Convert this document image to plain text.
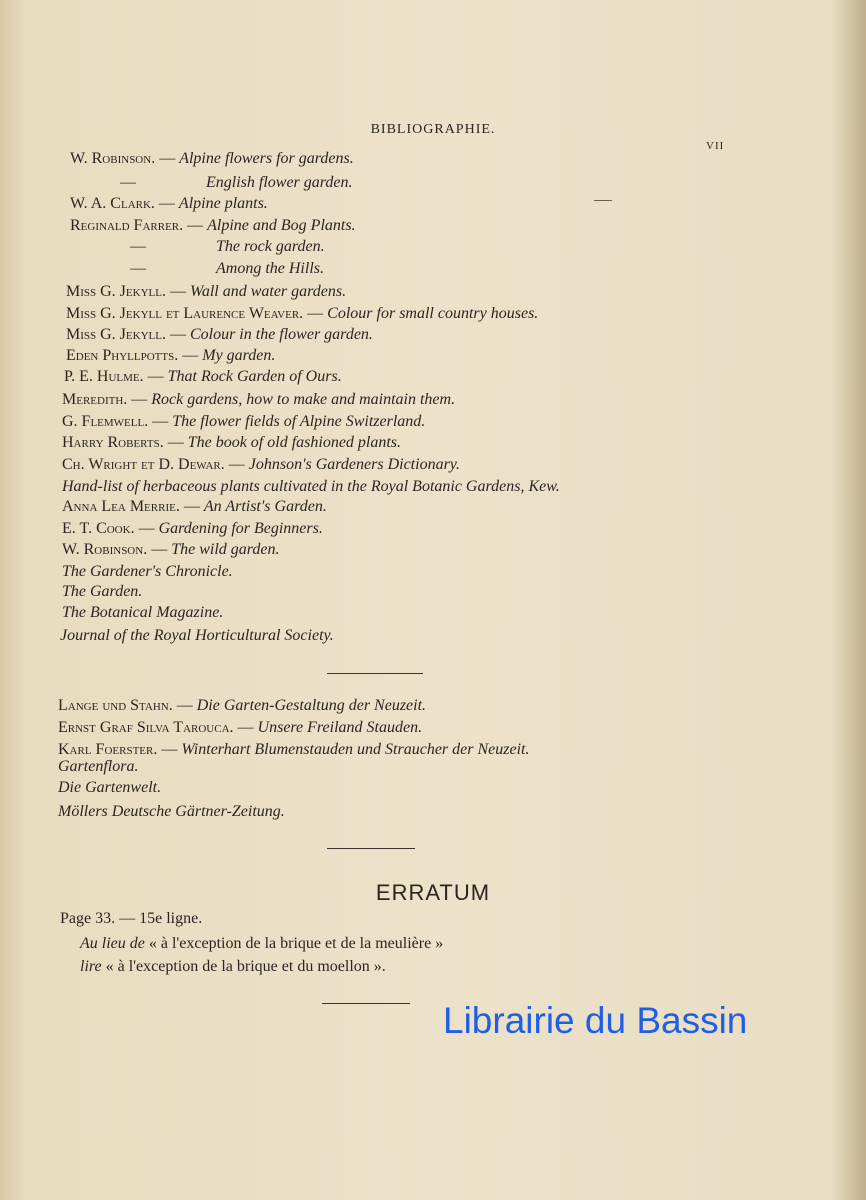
BIBLIOGRAPHIE.
VII
W. Robinson. — Alpine flowers for gardens.
—	English flower garden.
W. A. Clark. — Alpine plants.
Reginald Farrer. — Alpine and Bog Plants.
—	The rock garden.
—	Among the Hills.
Miss G. Jekyll. — Wall and water gardens.
Miss G. Jekyll et Laurence Weaver. — Colour for small country houses.
Miss G. Jekyll. — Colour in the flower garden.
Eden Phyllpotts. — My garden.
P. E. Hulme. — That Rock Garden of Ours.
Meredith. — Rock gardens, how to make and maintain them.
G. Flemwell. — The flower fields of Alpine Switzerland.
Harry Roberts. — The book of old fashioned plants.
Ch. Wright et D. Dewar. — Johnson's Gardeners Dictionary.
Hand-list of herbaceous plants cultivated in the Royal Botanic Gardens, Kew.
Anna Lea Merrie. — An Artist's Garden.
E. T. Cook. — Gardening for Beginners.
W. Robinson. — The wild garden.
The Gardener's Chronicle.
The Garden.
The Botanical Magazine.
Journal of the Royal Horticultural Society.
Lange und Stahn. — Die Garten-Gestaltung der Neuzeit.
Ernst Graf Silva Tarouca. — Unsere Freiland Stauden.
Karl Foerster. — Winterhart Blumenstauden und Straucher der Neuzeit.
Gartenflora.
Die Gartenwelt.
Möllers Deutsche Gärtner-Zeitung.
ERRATUM
Page 33. — 15e ligne.
Au lieu de « à l'exception de la brique et de la meulière »
lire « à l'exception de la brique et du moellon ».
Librairie du Bassin
